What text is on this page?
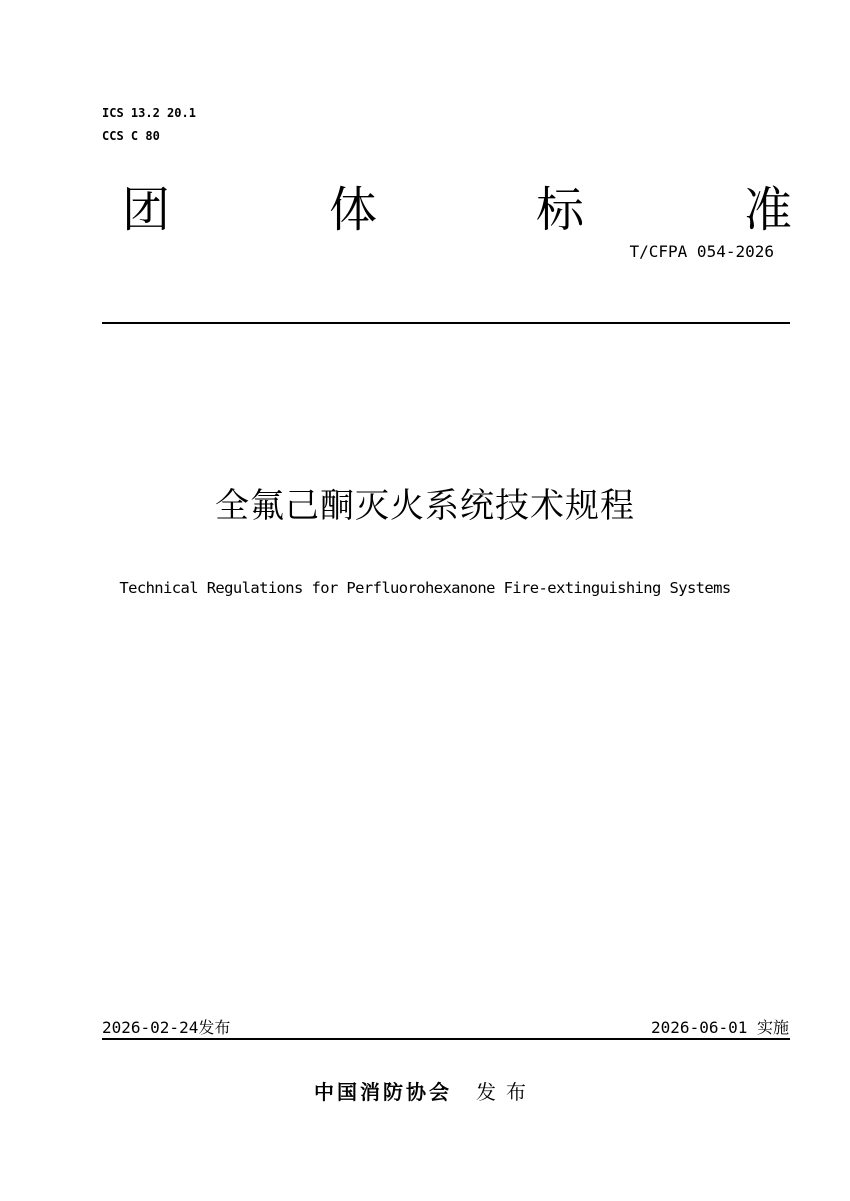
ICS 13.2 20.1
CCS C 80
团	体	标	准
T/CFPA 054-2026
全氟己酮灭火系统技术规程
Technical Regulations for Perfluorohexanone Fire-extinguishing Systems
2026-02-24发布	2026-06-01 实施
中国消防协会 发布
